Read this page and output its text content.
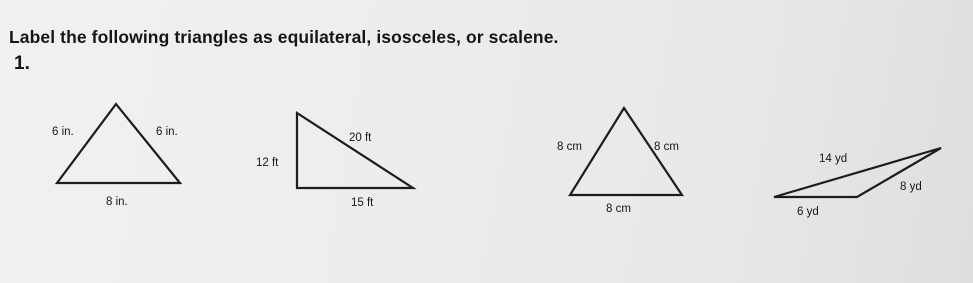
Label the following triangles as equilateral, isosceles, or scalene.

1.
6 in.	6 in.
8 in.
12 ft
20 ft
15 ft
8 cm	8 cm
8 cm
14 yd
8 yd
6 yd
